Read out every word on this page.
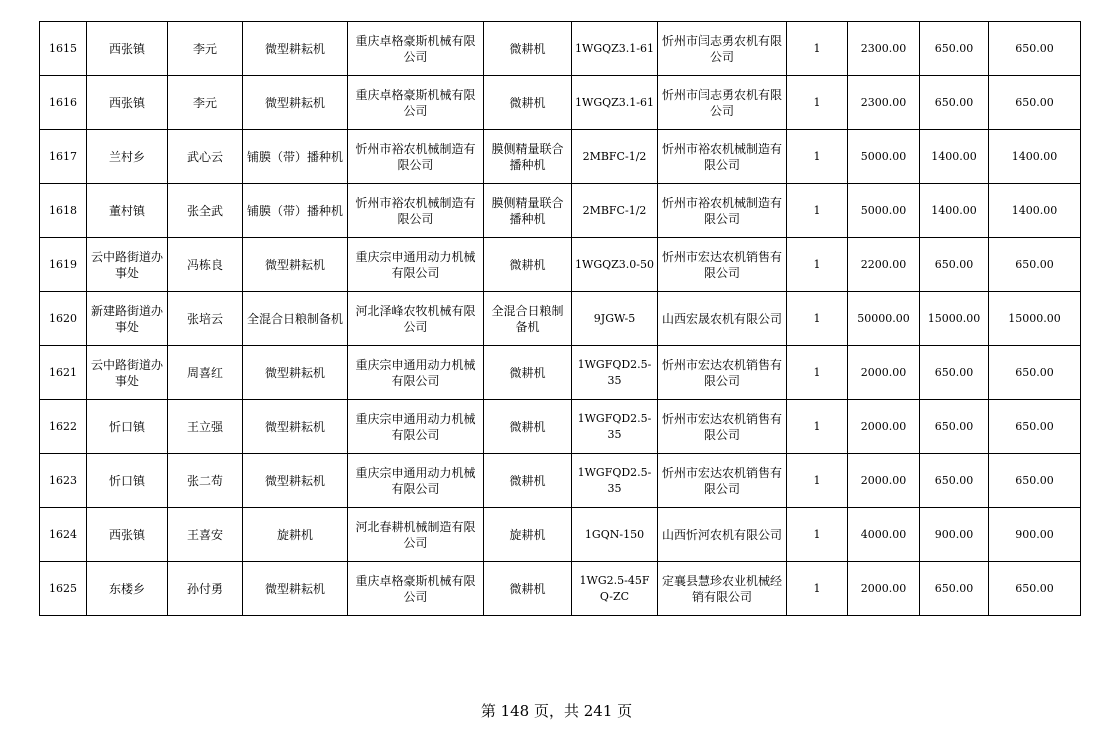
1615	西张镇	李元	微型耕耘机	重庆卓格豪斯机械有限公司	微耕机	1WGQZ3.1-61	忻州市闫志勇农机有限公司	1	2300.00	650.00	650.00
1616	西张镇	李元	微型耕耘机	重庆卓格豪斯机械有限公司	微耕机	1WGQZ3.1-61	忻州市闫志勇农机有限公司	1	2300.00	650.00	650.00
1617	兰村乡	武心云	铺膜（带）播种机	忻州市裕农机械制造有限公司	膜侧精量联合播种机	2MBFC-1/2	忻州市裕农机械制造有限公司	1	5000.00	1400.00	1400.00
1618	董村镇	张全武	铺膜（带）播种机	忻州市裕农机械制造有限公司	膜侧精量联合播种机	2MBFC-1/2	忻州市裕农机械制造有限公司	1	5000.00	1400.00	1400.00
1619	云中路街道办事处	冯栋良	微型耕耘机	重庆宗申通用动力机械有限公司	微耕机	1WGQZ3.0-50	忻州市宏达农机销售有限公司	1	2200.00	650.00	650.00
1620	新建路街道办事处	张培云	全混合日粮制备机	河北泽峰农牧机械有限公司	全混合日粮制备机	9JGW-5	山西宏晟农机有限公司	1	50000.00	15000.00	15000.00
1621	云中路街道办事处	周喜红	微型耕耘机	重庆宗申通用动力机械有限公司	微耕机	1WGFQD2.5-35	忻州市宏达农机销售有限公司	1	2000.00	650.00	650.00
1622	忻口镇	王立强	微型耕耘机	重庆宗申通用动力机械有限公司	微耕机	1WGFQD2.5-35	忻州市宏达农机销售有限公司	1	2000.00	650.00	650.00
1623	忻口镇	张二苟	微型耕耘机	重庆宗申通用动力机械有限公司	微耕机	1WGFQD2.5-35	忻州市宏达农机销售有限公司	1	2000.00	650.00	650.00
1624	西张镇	王喜安	旋耕机	河北春耕机械制造有限公司	旋耕机	1GQN-150	山西忻河农机有限公司	1	4000.00	900.00	900.00
1625	东楼乡	孙付勇	微型耕耘机	重庆卓格豪斯机械有限公司	微耕机	1WG2.5-45FQ-ZC	定襄县慧珍农业机械经销有限公司	1	2000.00	650.00	650.00
第 148 页，共 241 页
